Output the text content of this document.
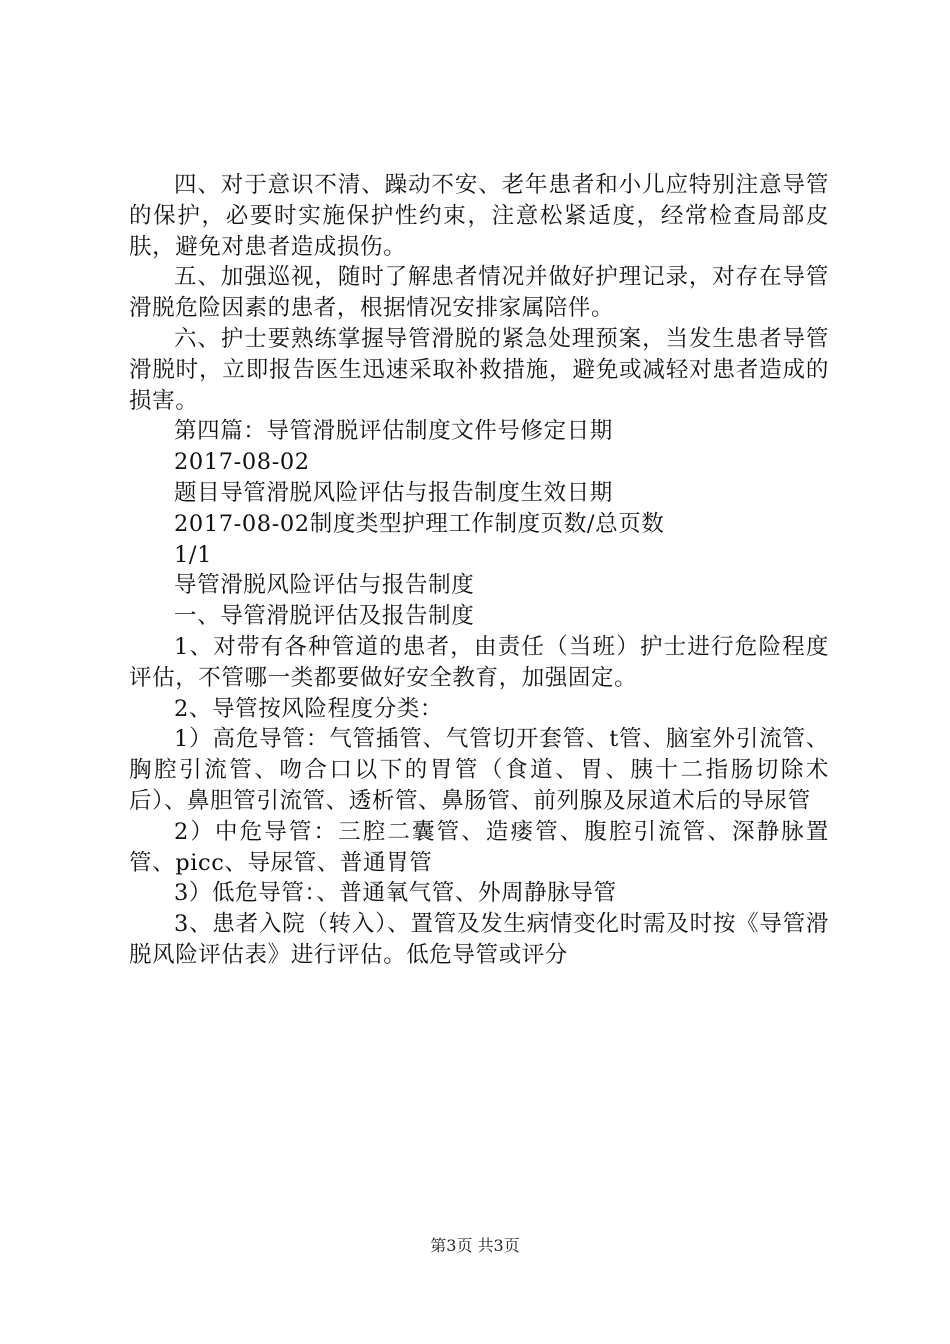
四、对于意识不清、躁动不安、老年患者和小儿应特别注意导管的保护，必要时实施保护性约束，注意松紧适度，经常检查局部皮肤，避免对患者造成损伤。

五、加强巡视，随时了解患者情况并做好护理记录，对存在导管滑脱危险因素的患者，根据情况安排家属陪伴。

六、护士要熟练掌握导管滑脱的紧急处理预案，当发生患者导管滑脱时，立即报告医生迅速采取补救措施，避免或减轻对患者造成的损害。

第四篇：导管滑脱评估制度文件号修定日期

2017-08-02

题目导管滑脱风险评估与报告制度生效日期

2017-08-02制度类型护理工作制度页数/总页数

1/1

导管滑脱风险评估与报告制度

一、导管滑脱评估及报告制度

1、对带有各种管道的患者，由责任（当班）护士进行危险程度评估，不管哪一类都要做好安全教育，加强固定。

2、导管按风险程度分类：

1）高危导管：气管插管、气管切开套管、t管、脑室外引流管、胸腔引流管、吻合口以下的胃管（食道、胃、胰十二指肠切除术后）、鼻胆管引流管、透析管、鼻肠管、前列腺及尿道术后的导尿管

2）中危导管：三腔二囊管、造瘘管、腹腔引流管、深静脉置管、picc、导尿管、普通胃管

3）低危导管：、普通氧气管、外周静脉导管

3、患者入院（转入）、置管及发生病情变化时需及时按《导管滑脱风险评估表》进行评估。低危导管或评分

第3页 共3页
